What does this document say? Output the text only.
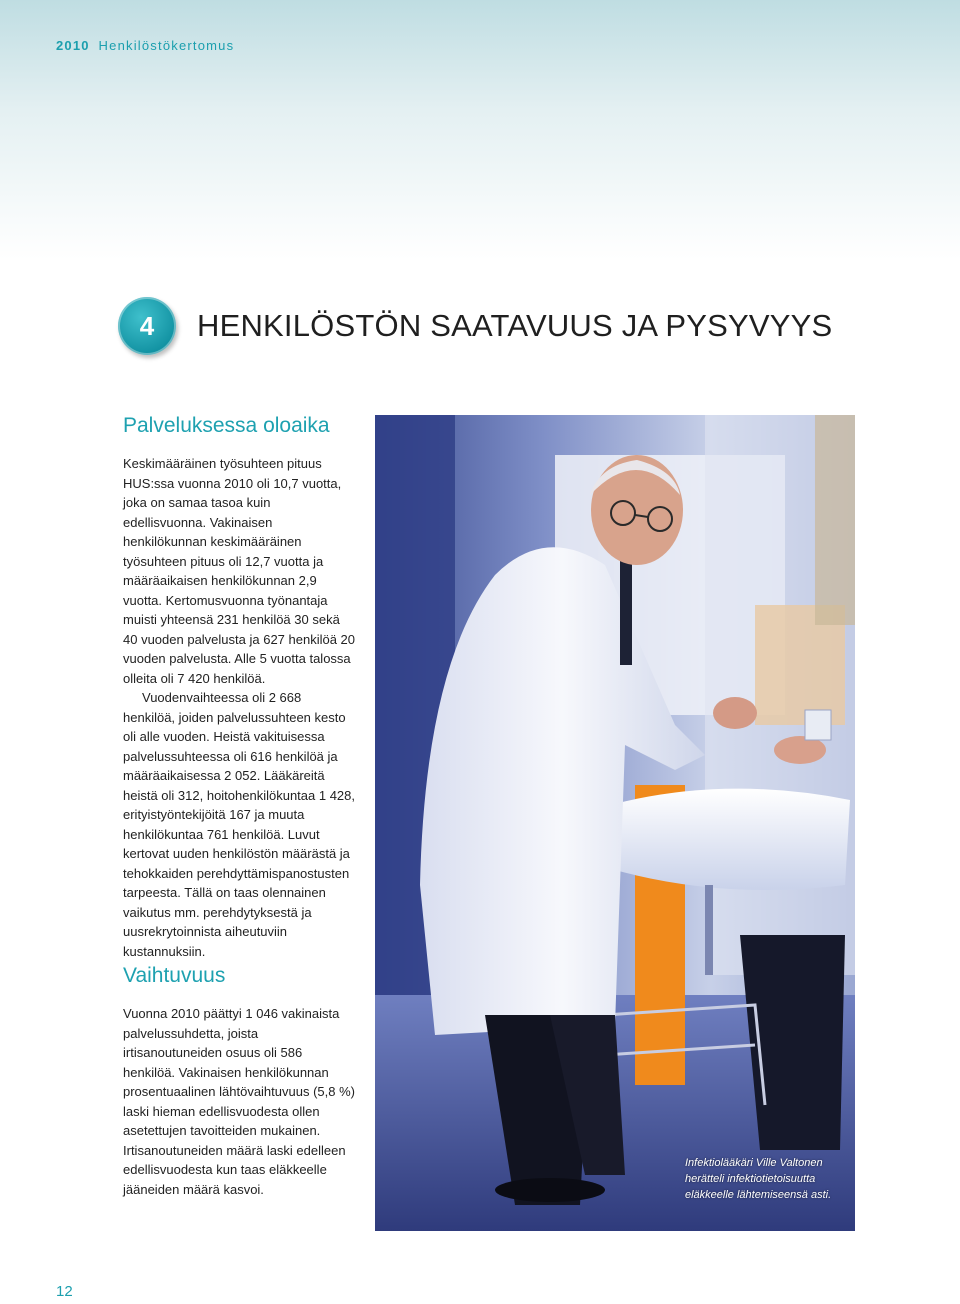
2010 Henkilöstökertomus
4	HENKILÖSTÖN SAATAVUUS JA PYSYVYYS
Palveluksessa oloaika

Keskimääräinen työsuhteen pituus HUS:ssa vuonna 2010 oli 10,7 vuotta, joka on samaa tasoa kuin edellisvuonna. Vakinaisen henkilökunnan keskimääräinen työsuhteen pituus oli 12,7 vuotta ja määräaikaisen henkilökunnan 2,9 vuotta. Kertomusvuonna työnantaja muisti yhteensä 231 henkilöä 30 sekä 40 vuoden palvelusta ja 627 henkilöä 20 vuoden palvelusta. Alle 5 vuotta talossa olleita oli 7 420 henkilöä.

Vuodenvaihteessa oli 2 668 henkilöä, joiden palvelussuhteen kesto oli alle vuoden. Heistä vakituisessa palvelussuhteessa oli 616 henkilöä ja määräaikaisessa 2 052. Lääkäreitä heistä oli 312, hoitohenkilökuntaa 1 428, erityistyöntekijöitä 167 ja muuta henkilökuntaa 761 henkilöä. Luvut kertovat uuden henkilöstön määrästä ja tehokkaiden perehdyttämispanostusten tarpeesta. Tällä on taas olennainen vaikutus mm. perehdytyksestä ja uusrekrytoinnista aiheutuviin kustannuksiin.

Vaihtuvuus

Vuonna 2010 päättyi 1 046 vakinaista palvelussuhdetta, joista irtisanoutuneiden osuus oli 586 henkilöä. Vakinaisen henkilökunnan prosentuaalinen lähtövaihtuvuus (5,8 %) laski hieman edellisvuodesta ollen asetettujen tavoitteiden mukainen. Irtisanoutuneiden määrä laski edelleen edellisvuodesta kun taas eläkkeelle jääneiden määrä kasvoi.

Infektiolääkäri Ville Valtonen herätteli infektiotietoisuutta eläkkeelle lähtemiseensä asti.
12
